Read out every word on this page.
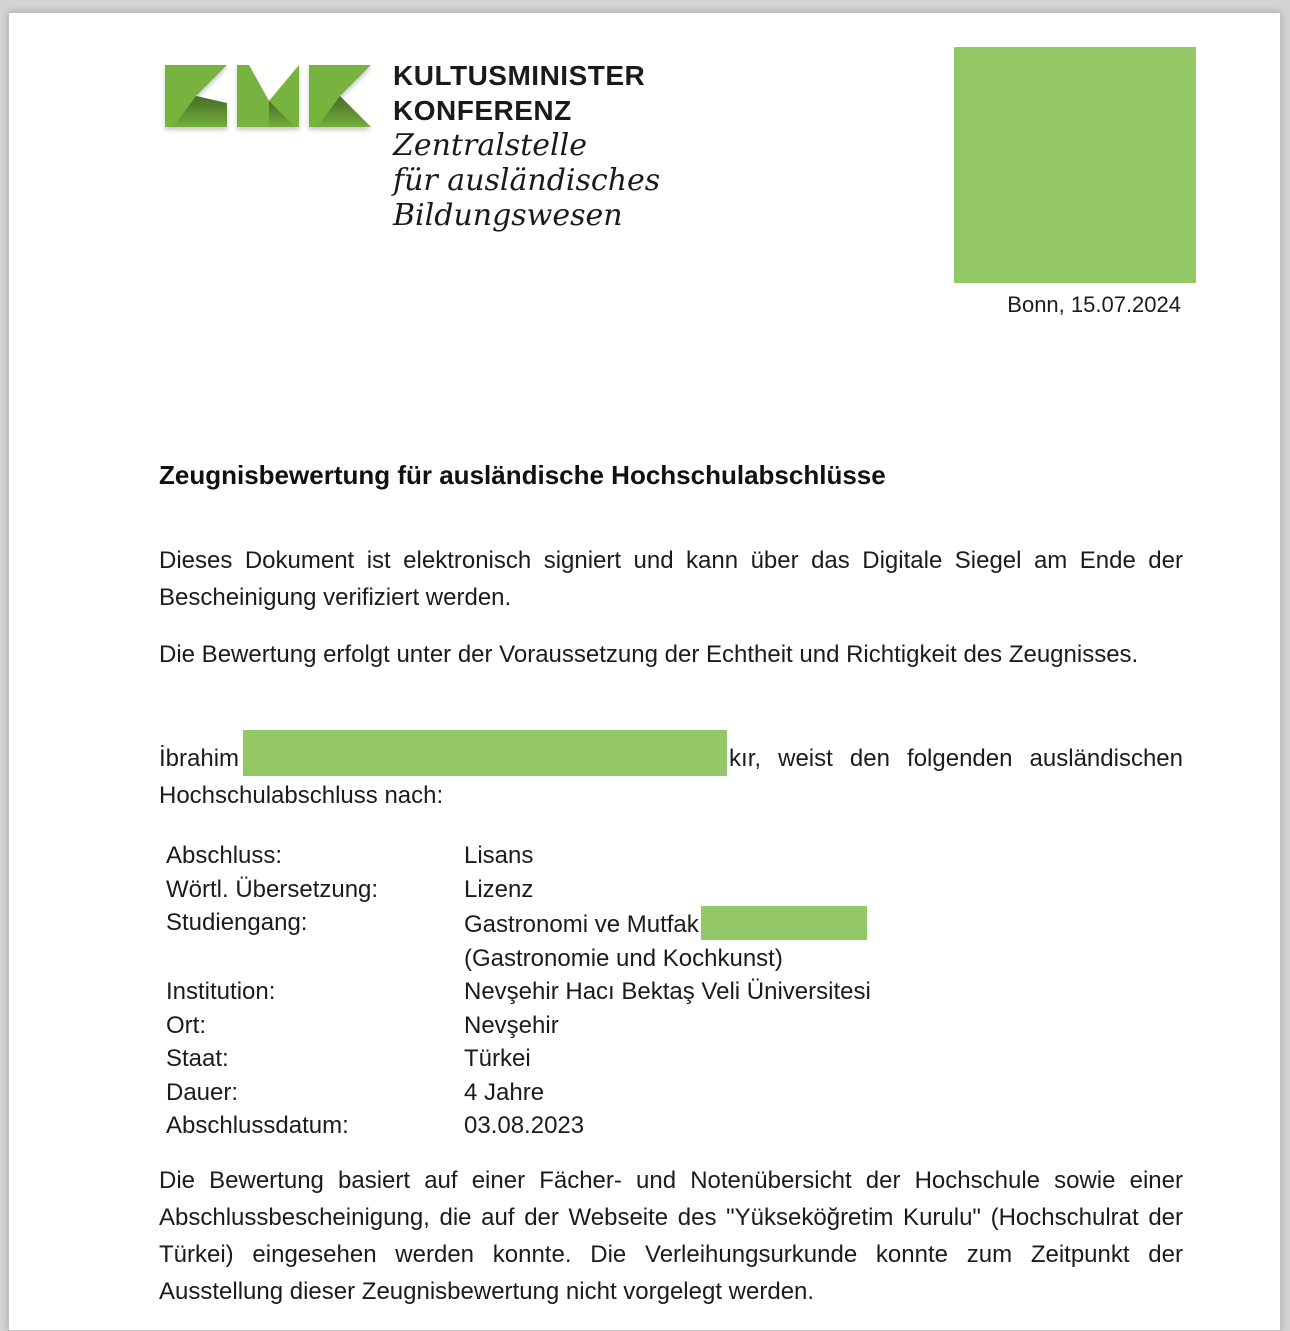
KULTUSMINISTER
KONFERENZ
Zentralstelle
für ausländisches
Bildungswesen
Bonn, 15.07.2024
Zeugnisbewertung für ausländische Hochschulabschlüsse

Dieses Dokument ist elektronisch signiert und kann über das Digitale Siegel am Ende der Bescheinigung verifiziert werden.

Die Bewertung erfolgt unter der Voraussetzung der Echtheit und Richtigkeit des Zeugnisses.

İbrahim	kır, weist den folgenden ausländischen Hochschulabschluss nach:

Abschluss:	Lisans
Wörtl. Übersetzung:	Lizenz
Studiengang:	Gastronomi ve Mutfak
(Gastronomie und Kochkunst)
Institution:	Nevşehir Hacı Bektaş Veli Üniversitesi
Ort:	Nevşehir
Staat:	Türkei
Dauer:	4 Jahre
Abschlussdatum:	03.08.2023

Die Bewertung basiert auf einer Fächer- und Notenübersicht der Hochschule sowie einer Abschlussbescheinigung, die auf der Webseite des "Yükseköğretim Kurulu" (Hochschulrat der Türkei) eingesehen werden konnte. Die Verleihungsurkunde konnte zum Zeitpunkt der Ausstellung dieser Zeugnisbewertung nicht vorgelegt werden.
